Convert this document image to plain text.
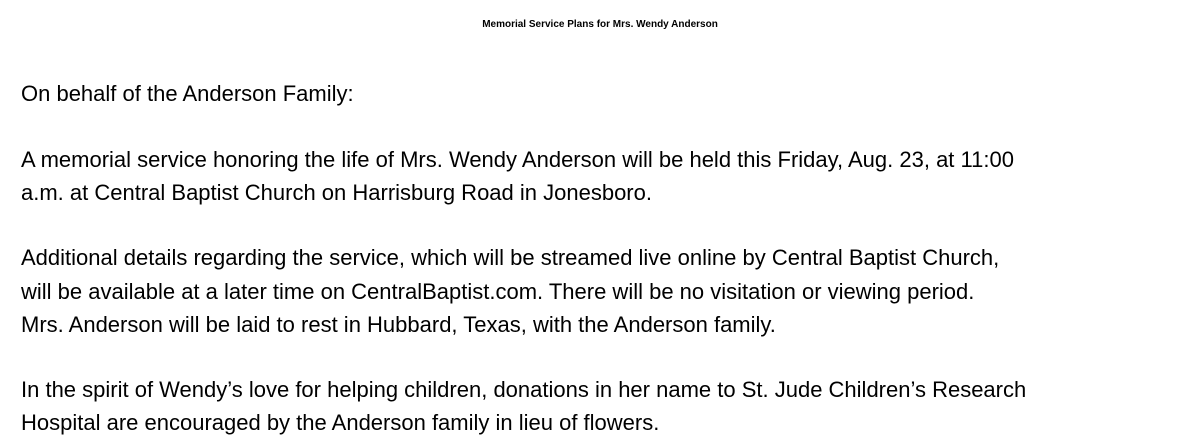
Memorial Service Plans for Mrs. Wendy Anderson
On behalf of the Anderson Family:
A memorial service honoring the life of Mrs. Wendy Anderson will be held this Friday, Aug. 23, at 11:00
a.m. at Central Baptist Church on Harrisburg Road in Jonesboro.
Additional details regarding the service, which will be streamed live online by Central Baptist Church,
will be available at a later time on CentralBaptist.com. There will be no visitation or viewing period.
Mrs. Anderson will be laid to rest in Hubbard, Texas, with the Anderson family.
In the spirit of Wendy’s love for helping children, donations in her name to St. Jude Children’s Research
Hospital are encouraged by the Anderson family in lieu of flowers.
